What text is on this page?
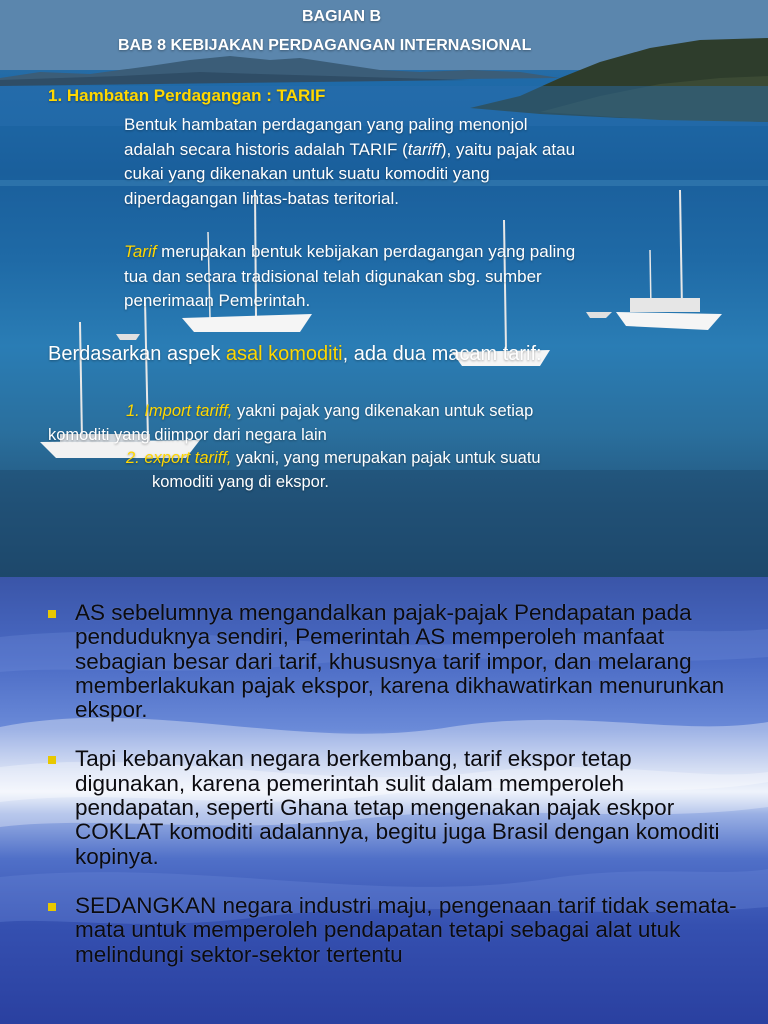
BAGIAN B
BAB 8 KEBIJAKAN PERDAGANGAN INTERNASIONAL
1. Hambatan Perdagangan : TARIF
Bentuk hambatan perdagangan yang paling menonjol
adalah secara historis adalah TARIF (tariff), yaitu pajak atau
cukai yang dikenakan untuk suatu komoditi yang
diperdagangan lintas-batas teritorial.
Tarif merupakan bentuk kebijakan perdagangan yang paling
tua dan secara tradisional telah digunakan sbg. sumber
penerimaan Pemerintah.
Berdasarkan aspek asal komoditi, ada dua macam tarif:
1. Import tariff, yakni pajak yang dikenakan untuk setiap
komoditi yang diimpor dari negara lain
2. export tariff, yakni, yang merupakan pajak untuk suatu
komoditi yang di ekspor.
AS sebelumnya mengandalkan pajak-pajak Pendapatan pada penduduknya sendiri, Pemerintah AS memperoleh manfaat sebagian besar dari tarif, khususnya tarif impor, dan melarang memberlakukan pajak ekspor, karena dikhawatirkan menurunkan ekspor.
Tapi kebanyakan negara berkembang, tarif ekspor tetap digunakan, karena pemerintah sulit dalam memperoleh pendapatan, seperti Ghana tetap mengenakan pajak eskpor COKLAT komoditi adalannya, begitu juga Brasil dengan komoditi kopinya.
SEDANGKAN negara industri maju, pengenaan tarif tidak semata-mata untuk memperoleh pendapatan tetapi sebagai alat utuk melindungi sektor-sektor tertentu
